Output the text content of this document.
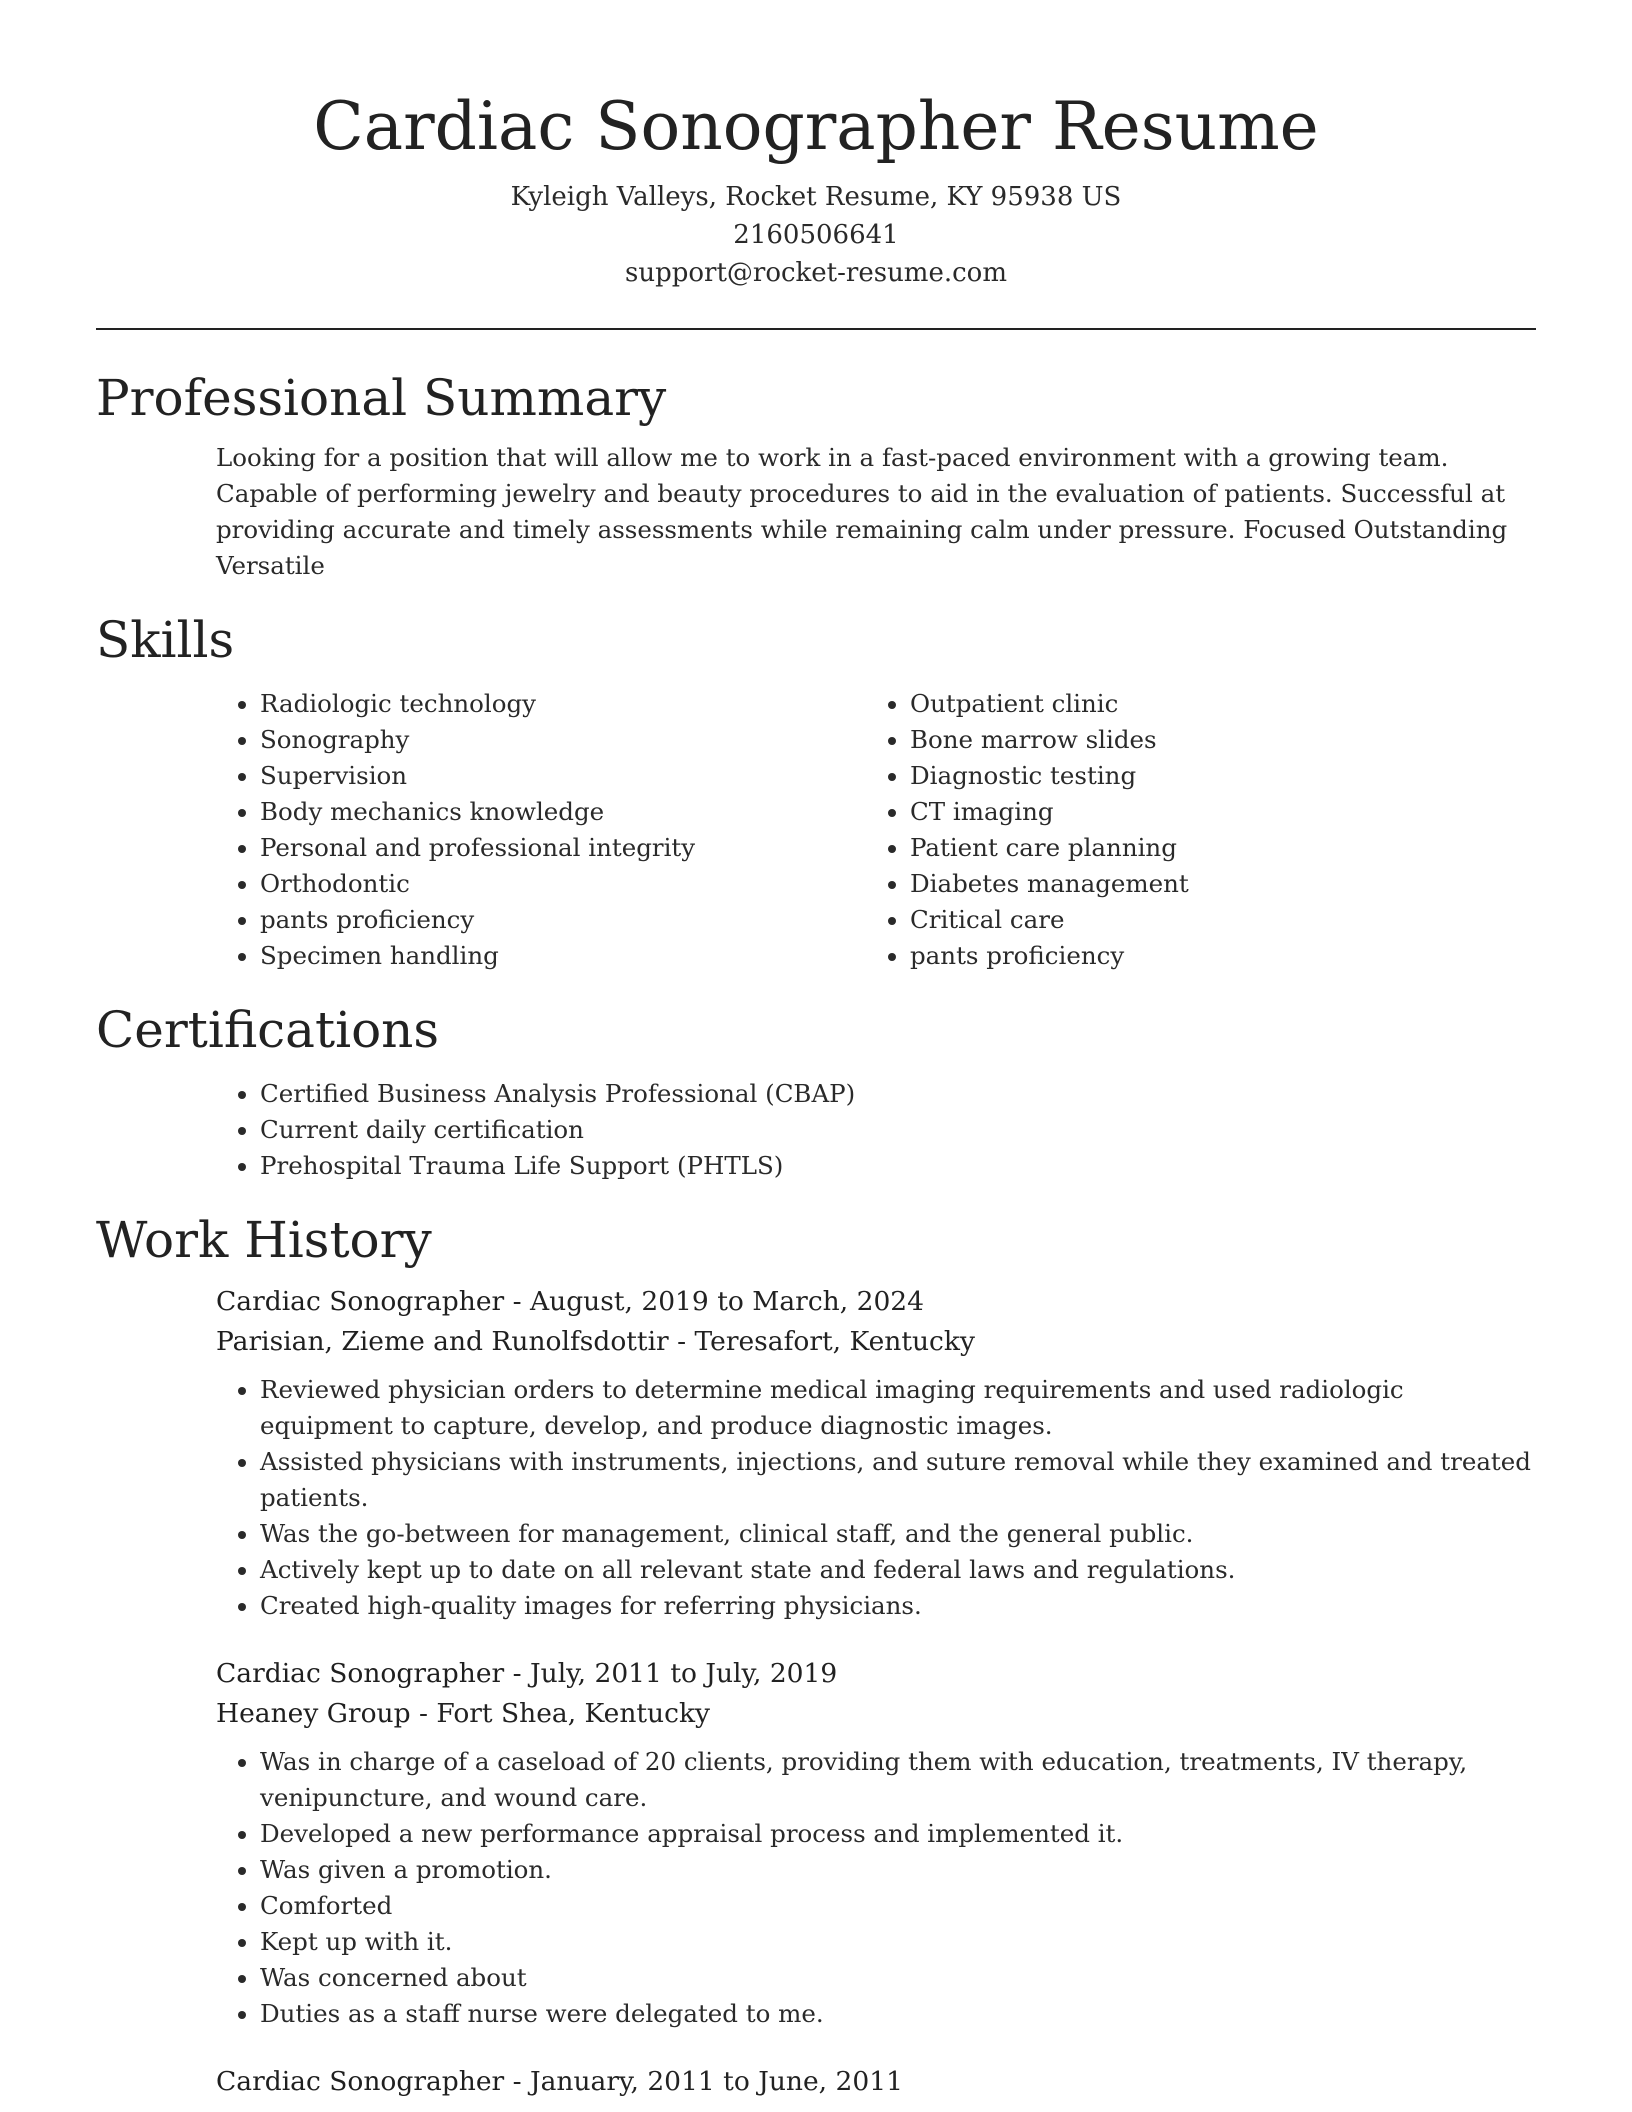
Cardiac Sonographer Resume

Kyleigh Valleys, Rocket Resume, KY 95938 US

2160506641

support@rocket-resume.com

Professional Summary

Looking for a position that will allow me to work in a fast-paced environment with a growing team. Capable of performing jewelry and beauty procedures to aid in the evaluation of patients. Successful at providing accurate and timely assessments while remaining calm under pressure. Focused Outstanding Versatile

Skills
• Radiologic technology
• Sonography
• Supervision
• Body mechanics knowledge
• Personal and professional integrity
• Orthodontic
• pants proficiency
• Specimen handling
• Outpatient clinic
• Bone marrow slides
• Diagnostic testing
• CT imaging
• Patient care planning
• Diabetes management
• Critical care
• pants proficiency
Certifications
• Certified Business Analysis Professional (CBAP)
• Current daily certification
• Prehospital Trauma Life Support (PHTLS)
Work History
Cardiac Sonographer - August, 2019 to March, 2024
Parisian, Zieme and Runolfsdottir - Teresafort, Kentucky
• Reviewed physician orders to determine medical imaging requirements and used radiologic equipment to capture, develop, and produce diagnostic images.
• Assisted physicians with instruments, injections, and suture removal while they examined and treated patients.
• Was the go-between for management, clinical staff, and the general public.
• Actively kept up to date on all relevant state and federal laws and regulations.
• Created high-quality images for referring physicians.
Cardiac Sonographer - July, 2011 to July, 2019
Heaney Group - Fort Shea, Kentucky
• Was in charge of a caseload of 20 clients, providing them with education, treatments, IV therapy, venipuncture, and wound care.
• Developed a new performance appraisal process and implemented it.
• Was given a promotion.
• Comforted
• Kept up with it.
• Was concerned about
• Duties as a staff nurse were delegated to me.
Cardiac Sonographer - January, 2011 to June, 2011
